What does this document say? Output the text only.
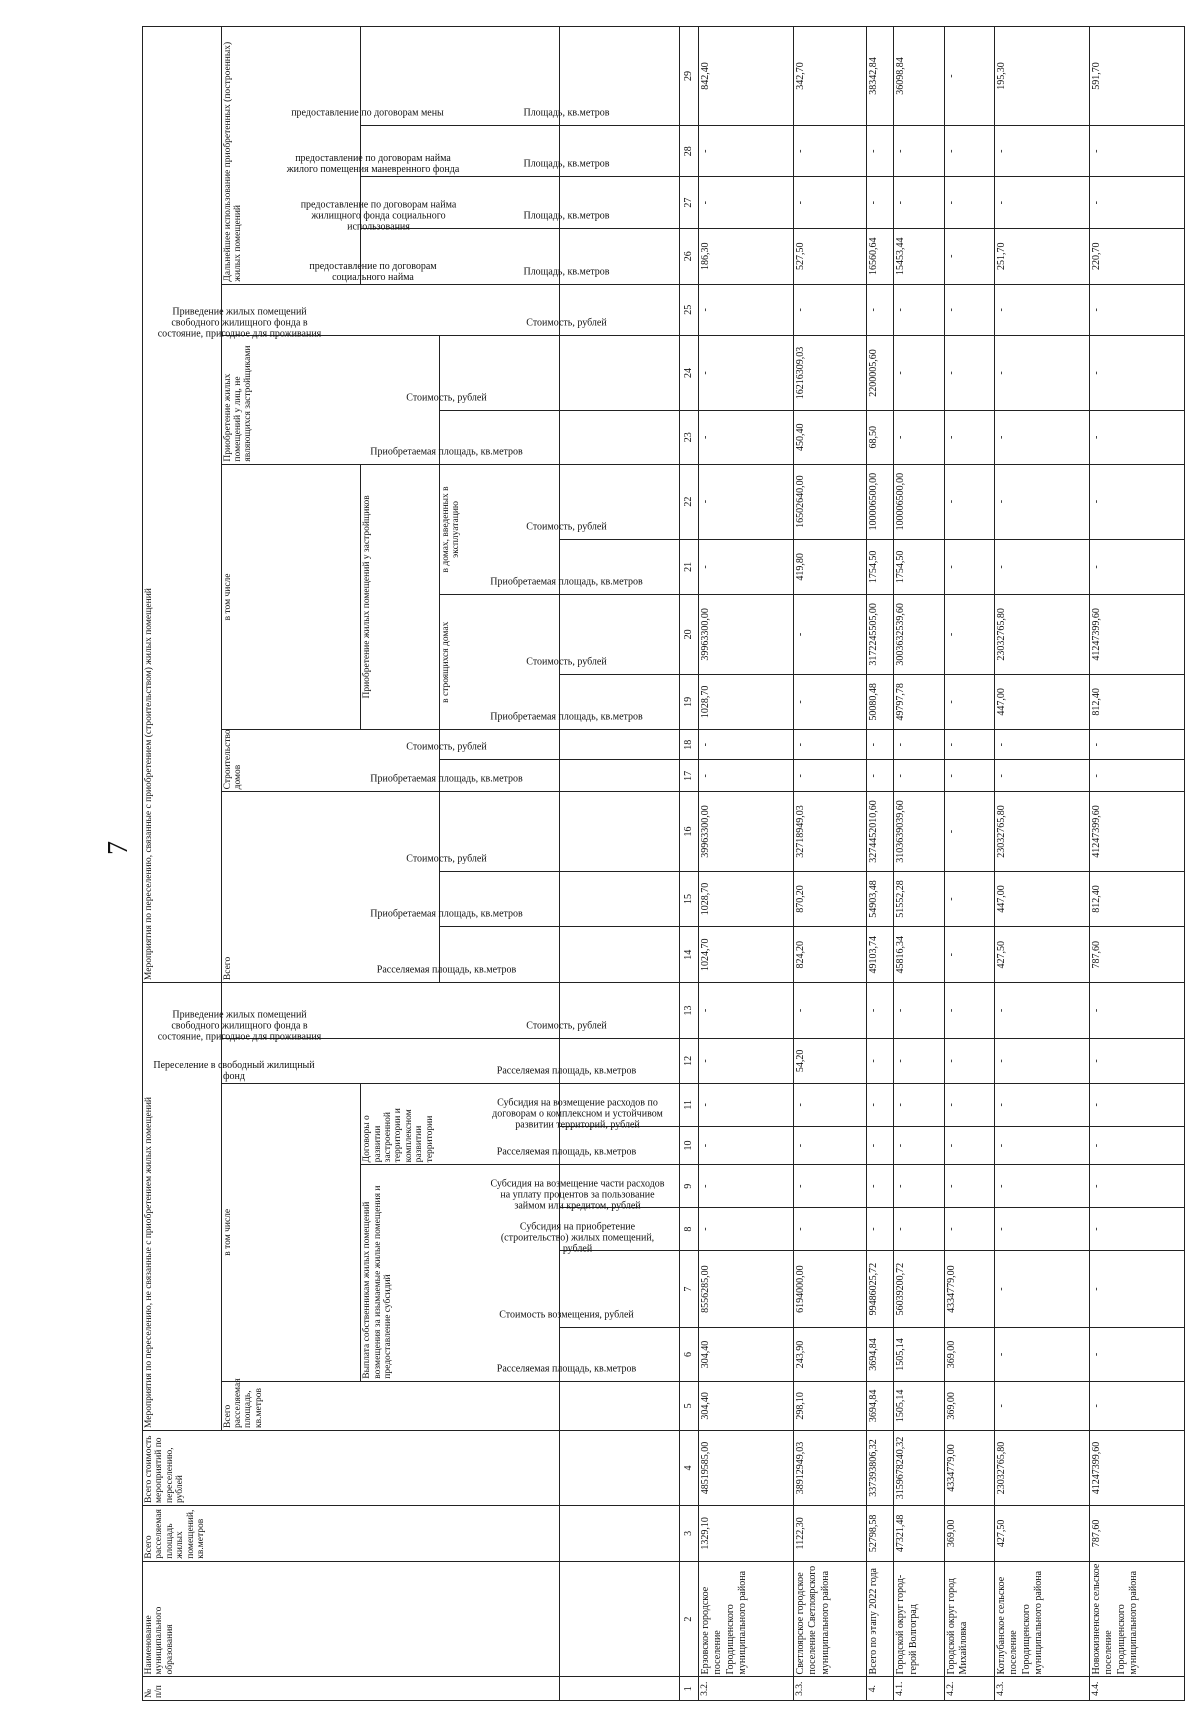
7
№ п/п	Наименование муниципального образования	Всего расселяемая площадь жилых помещений, кв.метров	Всего стоимость мероприятий по переселению, рублей	Мероприятия по переселению, не связанные с приобретением жилых помещений									Мероприятия по переселению, связанные с приобретением (строительством) жилых помещений															
				Всего расселяемая площадь, кв.метров	в том числе						Переселение в свободный жилищный фонд	Приведение жилых помещений свободного жилищного фонда в состояние, пригодное для проживания	Всего			Строительство домов		в том числе				Приобретение жилых помещений у лиц, не являющихся застройщиками		Приведение жилых помещений свободного жилищного фонда в состояние, пригодное для проживания	Дальнейшее использование приобретенных (построенных) жилых помещений			
					Выплата собственникам жилых помещений возмещения за изымаемые жилые помещения и предоставление субсидий				Договоры о развитии застроенной территории и комплексном развитии территории									Приобретение жилых помещений у застройщиков							предоставление по договорам социального найма	предоставление по договорам найма жилищного фонда социального использования	предоставление по договорам найма жилого помещения маневренного фонда	предоставление по договорам мены
													Расселяемая площадь, кв.метров	Приобретаемая площадь, кв.метров	Стоимость, рублей	Приобретаемая площадь, кв.метров	Стоимость, рублей	в строящихся домах		в домах, введенных в эксплуатацию		Приобретаемая площадь, кв.метров	Стоимость, рублей					
					Расселяемая площадь, кв.метров	Стоимость возмещения, рублей	Субсидия на приобретение (строительство) жилых помещений, рублей	Субсидия на возмещение части расходов на уплату процентов за пользование займом или кредитом, рублей	Расселяемая площадь, кв.метров	Субсидия на возмещение расходов по договорам о комплексном и устойчивом развитии территорий, рублей	Расселяемая площадь, кв.метров	Стоимость, рублей						Приобретаемая площадь, кв.метров	Стоимость, рублей	Приобретаемая площадь, кв.метров	Стоимость, рублей			Стоимость, рублей	Площадь, кв.метров	Площадь, кв.метров	Площадь, кв.метров	Площадь, кв.метров
1	2	3	4	5	6	7	8	9	10	11	12	13	14	15	16	17	18	19	20	21	22	23	24	25	26	27	28	29
3.2.	Ерзовское городское поселение Городищенского муниципального района	1329,10	48519585,00	304,40	304,40	8556285,00	-	-	-	-	-	-	1024,70	1028,70	39963300,00	-	-	1028,70	39963300,00	-	-	-	-	-	186,30	-	-	842,40
3.3.	Светлоярское городское поселение Светлоярского муниципального района	1122,30	38912949,03	298,10	243,90	6194000,00	-	-	-	-	54,20	-	824,20	870,20	32718949,03	-	-	-	-	419,80	16502640,00	450,40	16216309,03	-	527,50	-	-	342,70
4.	Всего по этапу 2022 года	52798,58	337393806,32	3694,84	3694,84	99486025,72	-	-	-	-	-	-	49103,74	54903,48	3274452010,60	-	-	50080,48	3172245505,00	1754,50	100006500,00	68,50	2200005,60	-	16560,64	-	-	38342,84
4.1.	Городской округ город-герой Волгоград	47321,48	3159678240,32	1505,14	1505,14	56039200,72	-	-	-	-	-	-	45816,34	51552,28	3103639039,60	-	-	49797,78	3003632539,60	1754,50	100006500,00	-	-	-	15453,44	-	-	36098,84
4.2.	Городской округ город Михайловка	369,00	4334779,00	369,00	369,00	4334779,00	-	-	-	-	-	-	-	-	-	-	-	-	-	-	-	-	-	-	-	-	-	-
4.3.	Котлубанское сельское поселение Городищенского муниципального района	427,50	23032765,80	-	-	-	-	-	-	-	-	-	427,50	447,00	23032765,80	-	-	447,00	23032765,80	-	-	-	-	-	251,70	-	-	195,30
4.4.	Новожизненское сельское поселение Городищенского муниципального района	787,60	41247399,60	-	-	-	-	-	-	-	-	-	787,60	812,40	41247399,60	-	-	812,40	41247399,60	-	-	-	-	-	220,70	-	-	591,70
